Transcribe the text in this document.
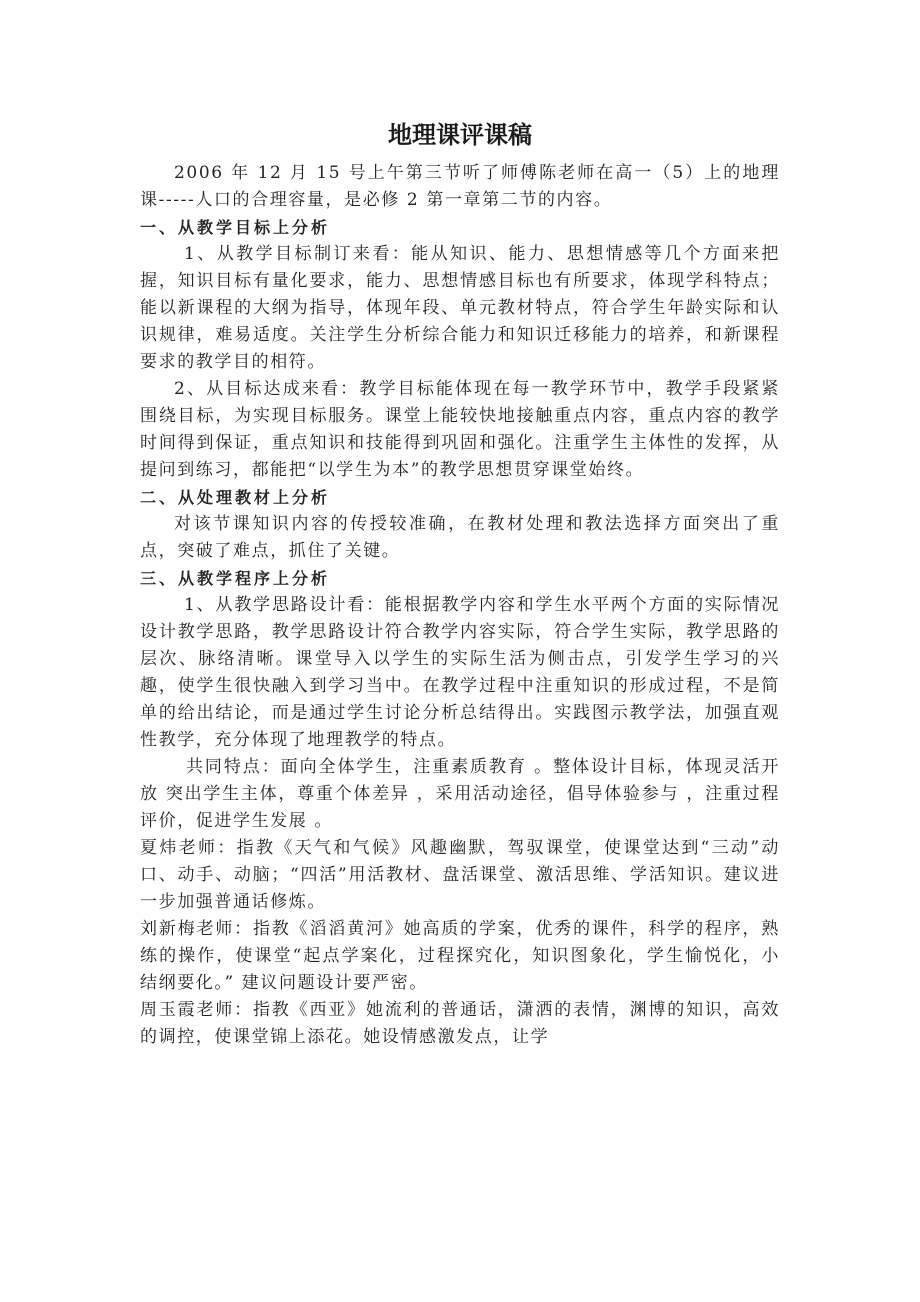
地理课评课稿

2006 年 12 月 15 号上午第三节听了师傅陈老师在高一（5）上的地理课-----人口的合理容量，是必修 2 第一章第二节的内容。

一、从教学目标上分析

1、从教学目标制订来看：能从知识、能力、思想情感等几个方面来把握，知识目标有量化要求，能力、思想情感目标也有所要求，体现学科特点；能以新课程的大纲为指导，体现年段、单元教材特点，符合学生年龄实际和认识规律，难易适度。关注学生分析综合能力和知识迁移能力的培养，和新课程要求的教学目的相符。

2、从目标达成来看：教学目标能体现在每一教学环节中，教学手段紧紧围绕目标，为实现目标服务。课堂上能较快地接触重点内容，重点内容的教学时间得到保证，重点知识和技能得到巩固和强化。注重学生主体性的发挥，从提问到练习，都能把“以学生为本”的教学思想贯穿课堂始终。

二、从处理教材上分析

对该节课知识内容的传授较准确，在教材处理和教法选择方面突出了重点，突破了难点，抓住了关键。

三、从教学程序上分析

1、从教学思路设计看：能根据教学内容和学生水平两个方面的实际情况设计教学思路，教学思路设计符合教学内容实际，符合学生实际，教学思路的层次、脉络清晰。课堂导入以学生的实际生活为侧击点，引发学生学习的兴趣，使学生很快融入到学习当中。在教学过程中注重知识的形成过程，不是简单的给出结论，而是通过学生讨论分析总结得出。实践图示教学法，加强直观性教学，充分体现了地理教学的特点。

共同特点：面向全体学生，注重素质教育 。整体设计目标，体现灵活开放 突出学生主体，尊重个体差异 ，采用活动途径，倡导体验参与 ，注重过程评价，促进学生发展 。

夏炜老师：指教《天气和气候》风趣幽默，驾驭课堂，使课堂达到“三动”动口、动手、动脑；“四活”用活教材、盘活课堂、激活思维、学活知识。建议进一步加强普通话修炼。

刘新梅老师：指教《滔滔黄河》她高质的学案，优秀的课件，科学的程序，熟练的操作，使课堂“起点学案化，过程探究化，知识图象化，学生愉悦化，小结纲要化。” 建议问题设计要严密。

周玉霞老师：指教《西亚》她流利的普通话，潇洒的表情，渊博的知识，高效的调控，使课堂锦上添花。她设情感激发点，让学
